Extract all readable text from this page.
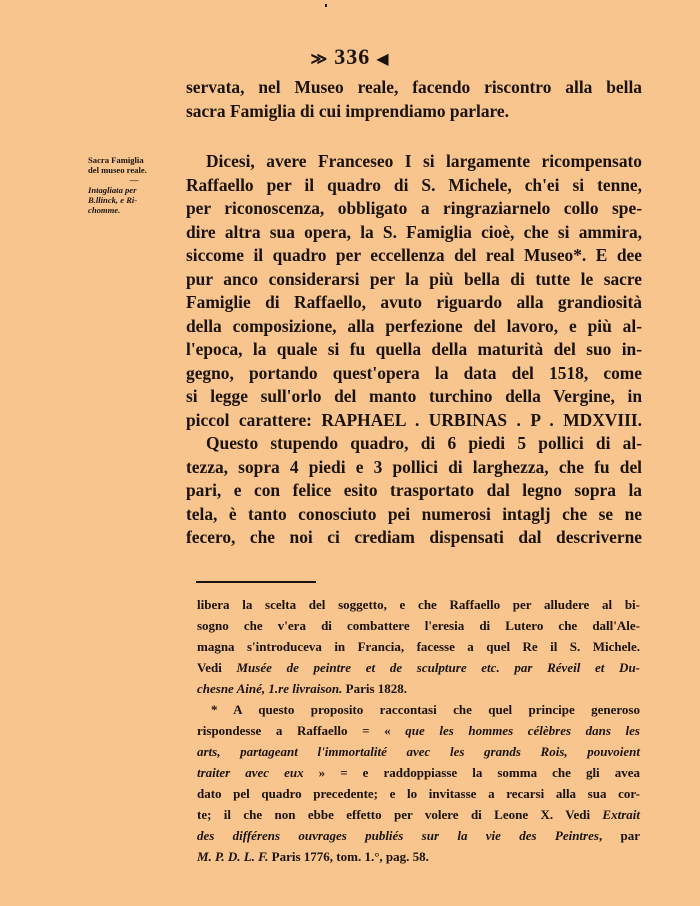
≫ 336 ◀
servata, nel Museo reale, facendo riscontro alla bella
sacra Famiglia di cui imprendiamo parlare.
Sacra Famiglia
del museo reale.
—
Intagliata per
B.llinck, e Ri-
chomme.
Dicesi, avere Franceseo I si largamente ricompensato
Raffaello per il quadro di S. Michele, ch'ei si tenne,
per riconoscenza, obbligato a ringraziarnelo collo spe-
dire altra sua opera, la S. Famiglia cioè, che si ammira,
siccome il quadro per eccellenza del real Museo*. E dee
pur anco considerarsi per la più bella di tutte le sacre
Famiglie di Raffaello, avuto riguardo alla grandiosità
della composizione, alla perfezione del lavoro, e più al-
l'epoca, la quale si fu quella della maturità del suo in-
gegno, portando quest'opera la data del 1518, come
si legge sull'orlo del manto turchino della Vergine, in
piccol carattere: RAPHAEL . URBINAS . P . MDXVIII.
Questo stupendo quadro, di 6 piedi 5 pollici di al-
tezza, sopra 4 piedi e 3 pollici di larghezza, che fu del
pari, e con felice esito trasportato dal legno sopra la
tela, è tanto conosciuto pei numerosi intaglj che se ne
fecero, che noi ci crediam dispensati dal descriverne
libera la scelta del soggetto, e che Raffaello per alludere al bi-
sogno che v'era di combattere l'eresia di Lutero che dall'Ale-
magna s'introduceva in Francia, facesse a quel Re il S. Michele.
Vedi Musée de peintre et de sculpture etc. par Réveil et Du-
chesne Ainé, 1.re livraison. Paris 1828.
* A questo proposito raccontasi che quel principe generoso
rispondesse a Raffaello = « que les hommes célèbres dans les
arts, partageant l'immortalité avec les grands Rois, pouvoient
traiter avec eux » = e raddoppiasse la somma che gli avea
dato pel quadro precedente; e lo invitasse a recarsi alla sua cor-
te; il che non ebbe effetto per volere di Leone X. Vedi Extrait
des différens ouvrages publiés sur la vie des Peintres, par
M. P. D. L. F. Paris 1776, tom. 1.°, pag. 58.
